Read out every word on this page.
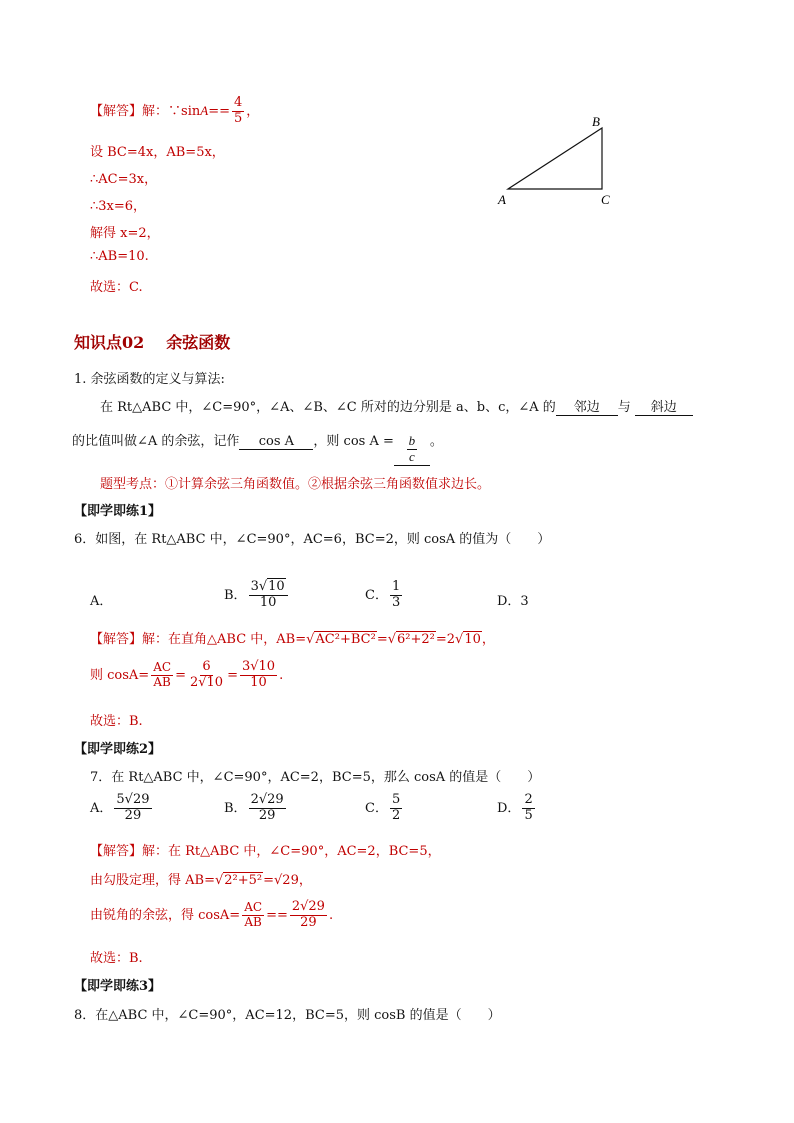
【解答】解：∵sinA== $\frac{4}{5}$ ，
设 BC=4x，AB=5x，
∴AC=3x，
∴3x=6，
解得 x=2，
∴AB=10.
故选：C.
A
B
C
知识点02 余弦函数
1. 余弦函数的定义与算法:
在 Rt△ABC 中，∠C=90°，∠A、∠B、∠C 所对的边分别是 a、b、c，∠A 的 邻边 与 斜边
的比值叫做∠A 的余弦，记作 cos A ，则 $\cos A = \frac{b}{c}$ 。
题型考点：①计算余弦三角函数值。②根据余弦三角函数值求边长。
【即学即练1】
6．如图，在 Rt△ABC 中，∠C=90°，AC=6，BC=2，则 cosA 的值为（　　）
A．	B． $\frac{3√10}{10}$	C． $\frac{1}{3}$	D．3
【解答】解：在直角△ABC 中，AB=√AC²+BC²=√6²+2²=2√10，
则 $\cos A= \frac{AC}{AB} = \frac{6}{2√10} = \frac{3√10}{10}$ .
故选：B.
【即学即练2】
7．在 Rt△ABC 中，∠C=90°，AC=2，BC=5，那么 cosA 的值是（　　）
A． $\frac{5√29}{29}$	B． $\frac{2√29}{29}$	C． $\frac{5}{2}$	D． $\frac{2}{5}$
【解答】解：在 Rt△ABC 中，∠C=90°，AC=2，BC=5，
由勾股定理，得 AB=√2²+5²=√29，
由锐角的余弦，得 $\cos A= \frac{AC}{AB} == \frac{2√29}{29}$ .
故选：B.
【即学即练3】
8．在△ABC 中，∠C=90°，AC=12，BC=5，则 cosB 的值是（　　）
